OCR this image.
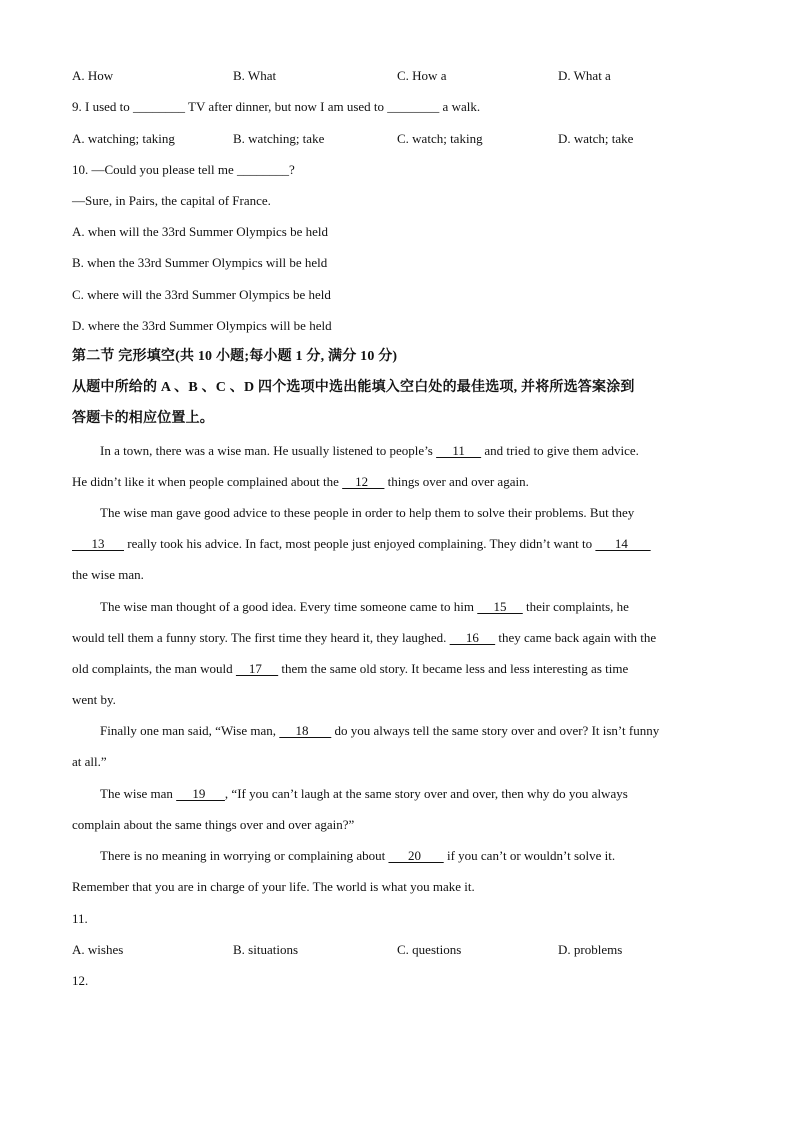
A. How	B. What	C. How a	D. What a
9. I used to ________ TV after dinner, but now I am used to ________ a walk.
A. watching; taking	B. watching; take	C. watch; taking	D. watch; take
10. —Could you please tell me ________?
—Sure, in Pairs, the capital of France.
A. when will the 33rd Summer Olympics be held
B. when the 33rd Summer Olympics will be held
C. where will the 33rd Summer Olympics be held
D. where the 33rd Summer Olympics will be held
第二节 完形填空(共 10 小题;每小题 1 分, 满分 10 分)
从题中所给的 A 、B 、C 、D 四个选项中选出能填入空白处的最佳选项, 并将所选答案涂到
答题卡的相应位置上。
In a town, there was a wise man. He usually listened to people’s      11      and tried to give them advice.
He didn’t like it when people complained about the     12      things over and over again.
The wise man gave good advice to these people in order to help them to solve their problems. But they
13       really took his advice. In fact, most people just enjoyed complaining. They didn’t want to       14
the wise man.
The wise man thought of a good idea. Every time someone came to him      15      their complaints, he
would tell them a funny story. The first time they heard it, they laughed.      16      they came back again with the
old complaints, the man would     17      them the same old story. It became less and less interesting as time
went by.
Finally one man said, “Wise man,      18        do you always tell the same story over and over? It isn’t funny
at all.”
The wise man      19      , “If you can’t laugh at the same story over and over, then why do you always
complain about the same things over and over again?”
There is no meaning in worrying or complaining about       20        if you can’t or wouldn’t solve it.
Remember that you are in charge of your life. The world is what you make it.
11.
A. wishes	B. situations	C. questions	D. problems
12.
